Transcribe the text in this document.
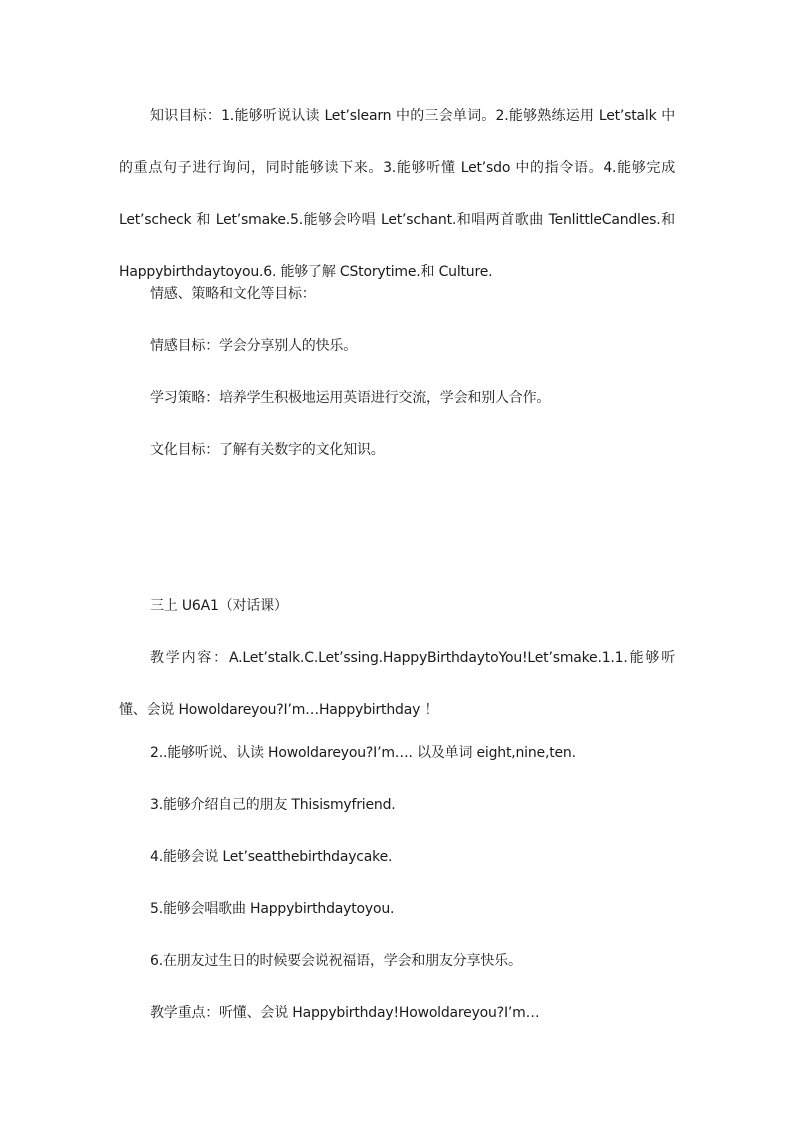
知识目标：1.能够听说认读 Let’slearn 中的三会单词。2.能够熟练运用 Let’stalk 中的重点句子进行询问，同时能够读下来。3.能够听懂 Let’sdo 中的指令语。4.能够完成 Let’scheck 和 Let’smake.5.能够会吟唱 Let’schant.和唱两首歌曲 TenlittleCandles.和 Happybirthdaytoyou.6. 能够了解 CStorytime.和 Culture.

情感、策略和文化等目标：

情感目标：学会分享别人的快乐。

学习策略：培养学生积极地运用英语进行交流，学会和别人合作。

文化目标：了解有关数字的文化知识。

三上 U6A1（对话课）

教学内容：A.Let’stalk.C.Let’ssing.HappyBirthdaytoYou!Let’smake.1.1.能够听懂、会说 Howoldareyou?I’m…Happybirthday ！

2..能够听说、认读 Howoldareyou?I’m…. 以及单词 eight,nine,ten.

3.能够介绍自己的朋友 Thisismyfriend.

4.能够会说 Let’seatthebirthdaycake.

5.能够会唱歌曲 Happybirthdaytoyou.

6.在朋友过生日的时候要会说祝福语，学会和朋友分享快乐。

教学重点：听懂、会说 Happybirthday!Howoldareyou?I’m…
